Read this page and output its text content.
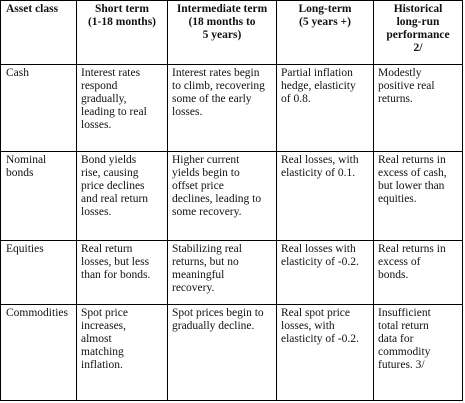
Asset class	Short term
(1-18 months)	Intermediate term
(18 months to
5 years)	Long-term
(5 years +)	Historical
long-run
performance
2/

Cash	Interest rates
respond
gradually,
leading to real
losses.	Interest rates begin
to climb, recovering
some of the early
losses.	Partial inflation
hedge, elasticity
of 0.8.	Modestly
positive real
returns.

Nominal
bonds	Bond yields
rise, causing
price declines
and real return
losses.	Higher current
yields begin to
offset price
declines, leading to
some recovery.	Real losses, with
elasticity of 0.1.	Real returns in
excess of cash,
but lower than
equities.

Equities	Real return
losses, but less
than for bonds.	Stabilizing real
returns, but no
meaningful
recovery.	Real losses with
elasticity of -0.2.	Real returns in
excess of
bonds.

Commodities	Spot price
increases,
almost
matching
inflation.	Spot prices begin to
gradually decline.	Real spot price
losses, with
elasticity of -0.2.	Insufficient
total return
data for
commodity
futures. 3/
